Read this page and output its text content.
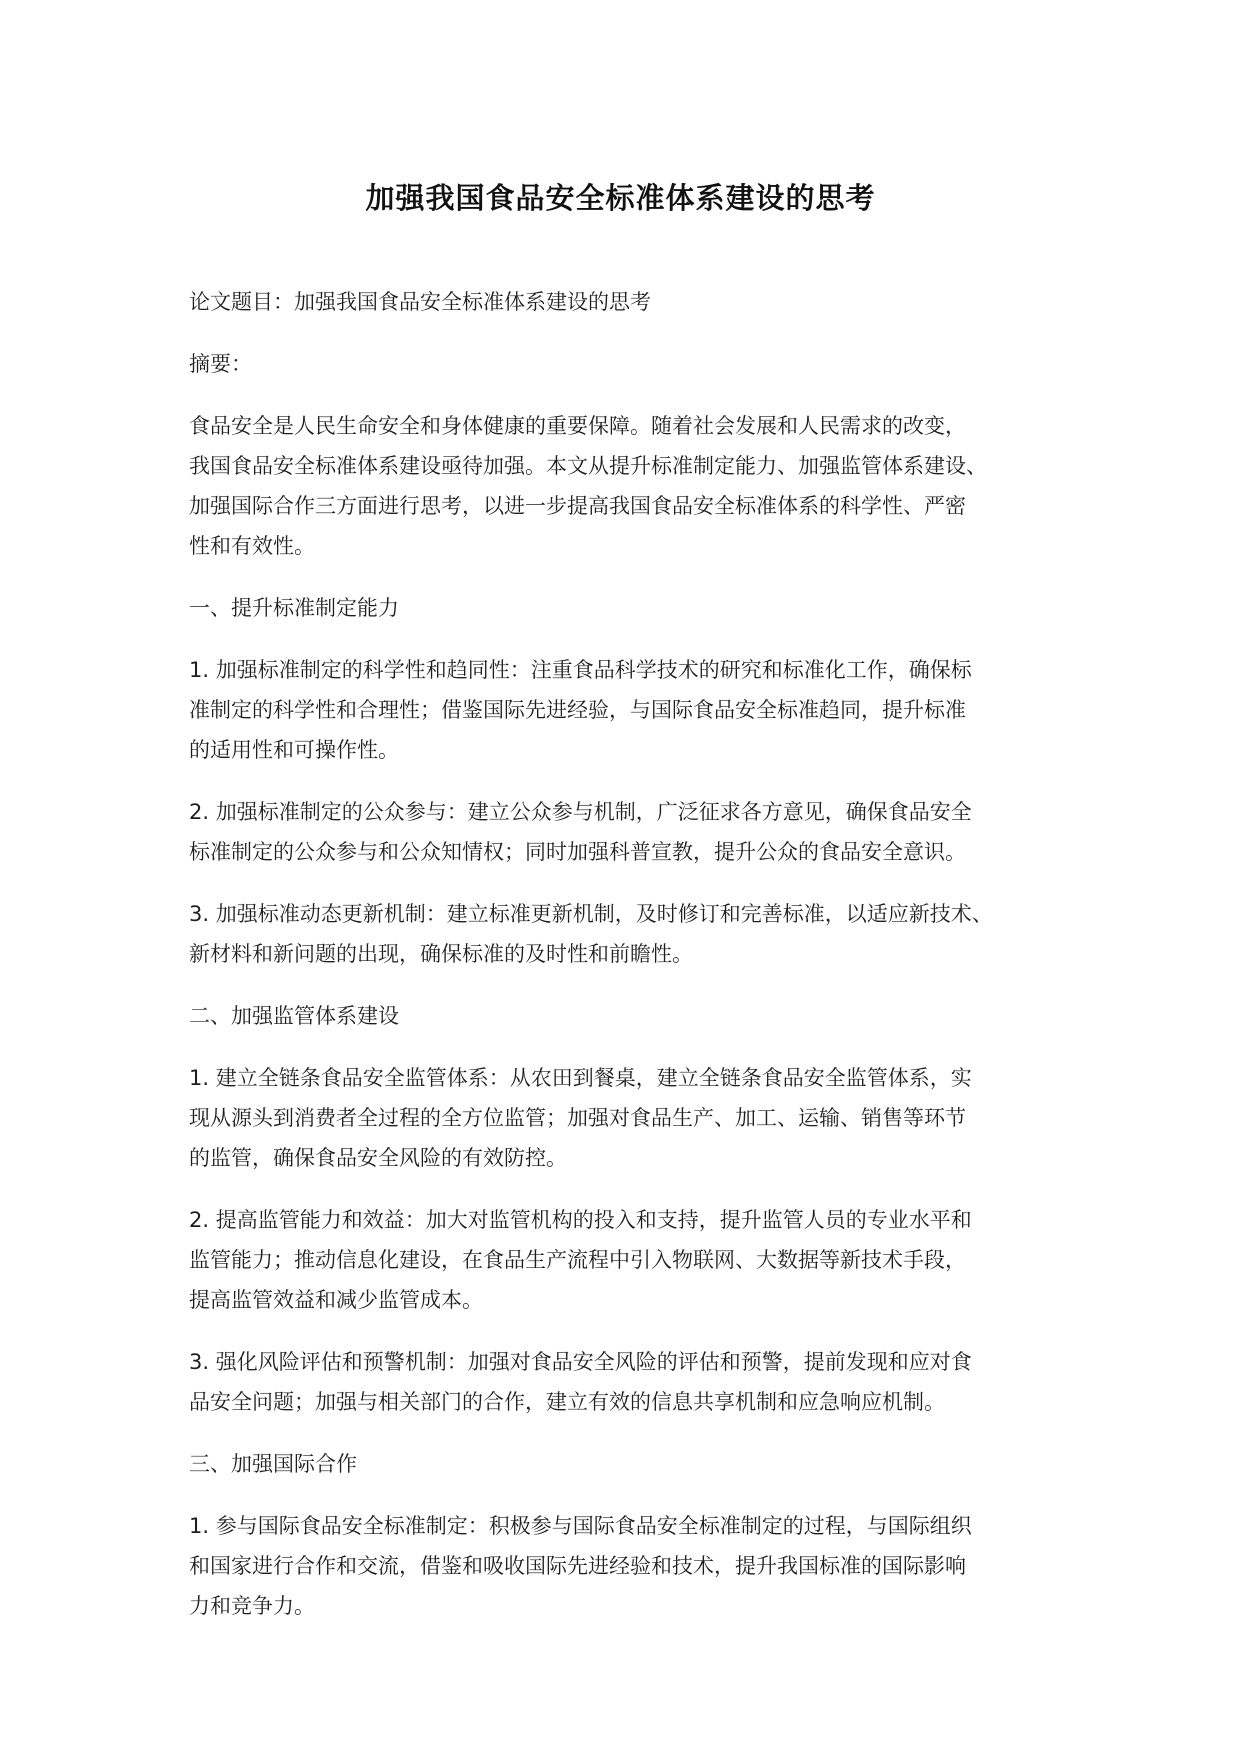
加强我国食品安全标准体系建设的思考

论文题目：加强我国食品安全标准体系建设的思考

摘要：

食品安全是人民生命安全和身体健康的重要保障。随着社会发展和人民需求的改变，
我国食品安全标准体系建设亟待加强。本文从提升标准制定能力、加强监管体系建设、
加强国际合作三方面进行思考，以进一步提高我国食品安全标准体系的科学性、严密
性和有效性。

一、提升标准制定能力

1. 加强标准制定的科学性和趋同性：注重食品科学技术的研究和标准化工作，确保标
准制定的科学性和合理性；借鉴国际先进经验，与国际食品安全标准趋同，提升标准
的适用性和可操作性。

2. 加强标准制定的公众参与：建立公众参与机制，广泛征求各方意见，确保食品安全
标准制定的公众参与和公众知情权；同时加强科普宣教，提升公众的食品安全意识。

3. 加强标准动态更新机制：建立标准更新机制，及时修订和完善标准，以适应新技术、
新材料和新问题的出现，确保标准的及时性和前瞻性。

二、加强监管体系建设

1. 建立全链条食品安全监管体系：从农田到餐桌，建立全链条食品安全监管体系，实
现从源头到消费者全过程的全方位监管；加强对食品生产、加工、运输、销售等环节
的监管，确保食品安全风险的有效防控。

2. 提高监管能力和效益：加大对监管机构的投入和支持，提升监管人员的专业水平和
监管能力；推动信息化建设，在食品生产流程中引入物联网、大数据等新技术手段，
提高监管效益和减少监管成本。

3. 强化风险评估和预警机制：加强对食品安全风险的评估和预警，提前发现和应对食
品安全问题；加强与相关部门的合作，建立有效的信息共享机制和应急响应机制。

三、加强国际合作

1. 参与国际食品安全标准制定：积极参与国际食品安全标准制定的过程，与国际组织
和国家进行合作和交流，借鉴和吸收国际先进经验和技术，提升我国标准的国际影响
力和竞争力。
